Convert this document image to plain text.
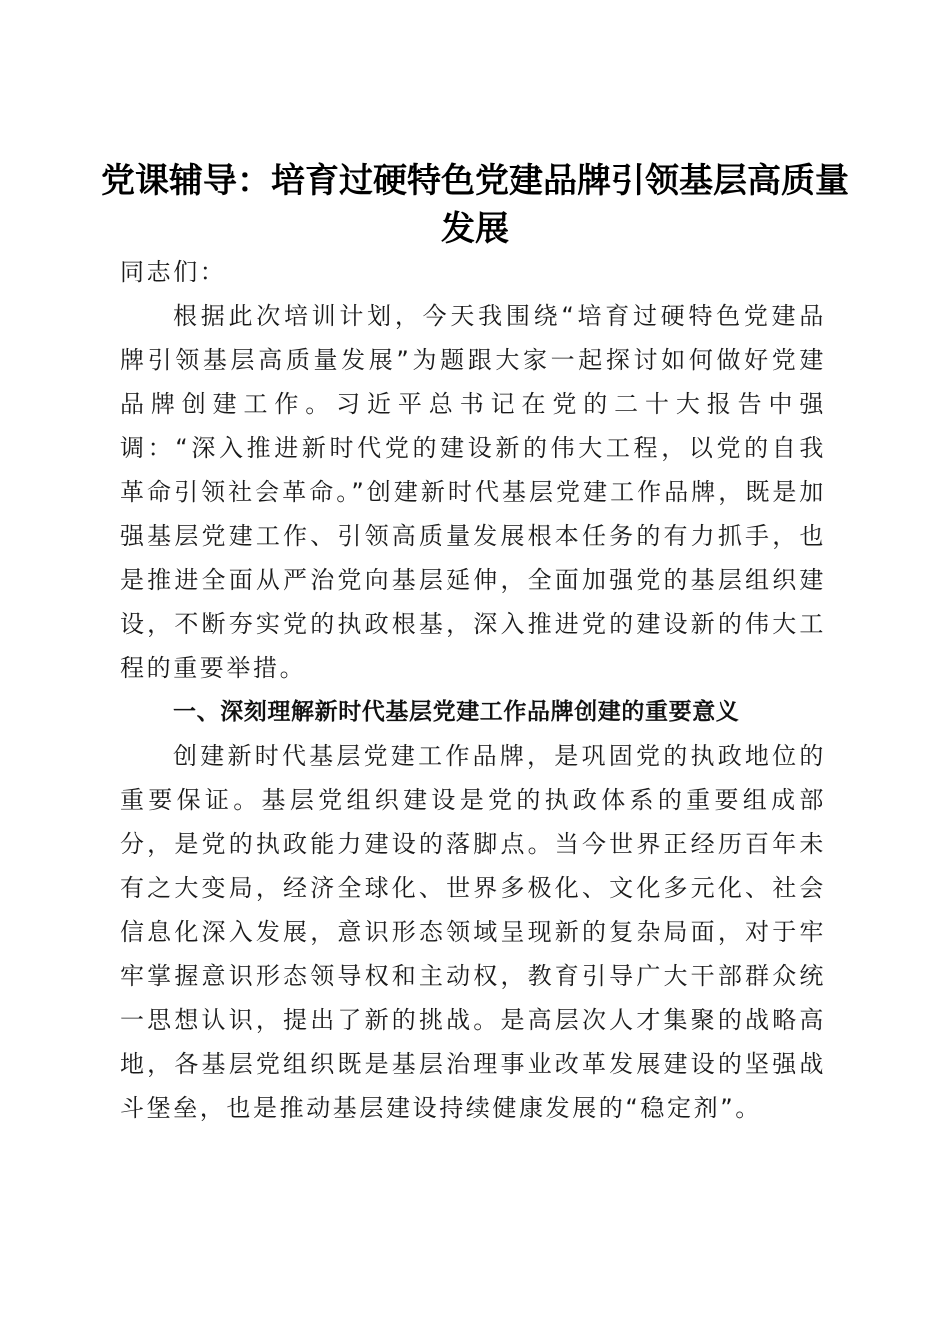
党课辅导：培育过硬特色党建品牌引领基层高质量发展

同志们：

根据此次培训计划，今天我围绕“培育过硬特色党建品牌引领基层高质量发展”为题跟大家一起探讨如何做好党建品牌创建工作。习近平总书记在党的二十大报告中强调：“深入推进新时代党的建设新的伟大工程，以党的自我革命引领社会革命。”创建新时代基层党建工作品牌，既是加强基层党建工作、引领高质量发展根本任务的有力抓手，也是推进全面从严治党向基层延伸，全面加强党的基层组织建设，不断夯实党的执政根基，深入推进党的建设新的伟大工程的重要举措。

一、深刻理解新时代基层党建工作品牌创建的重要意义

创建新时代基层党建工作品牌，是巩固党的执政地位的重要保证。基层党组织建设是党的执政体系的重要组成部分，是党的执政能力建设的落脚点。当今世界正经历百年未有之大变局，经济全球化、世界多极化、文化多元化、社会信息化深入发展，意识形态领域呈现新的复杂局面，对于牢牢掌握意识形态领导权和主动权，教育引导广大干部群众统一思想认识，提出了新的挑战。是高层次人才集聚的战略高地，各基层党组织既是基层治理事业改革发展建设的坚强战斗堡垒，也是推动基层建设持续健康发展的“稳定剂”。
